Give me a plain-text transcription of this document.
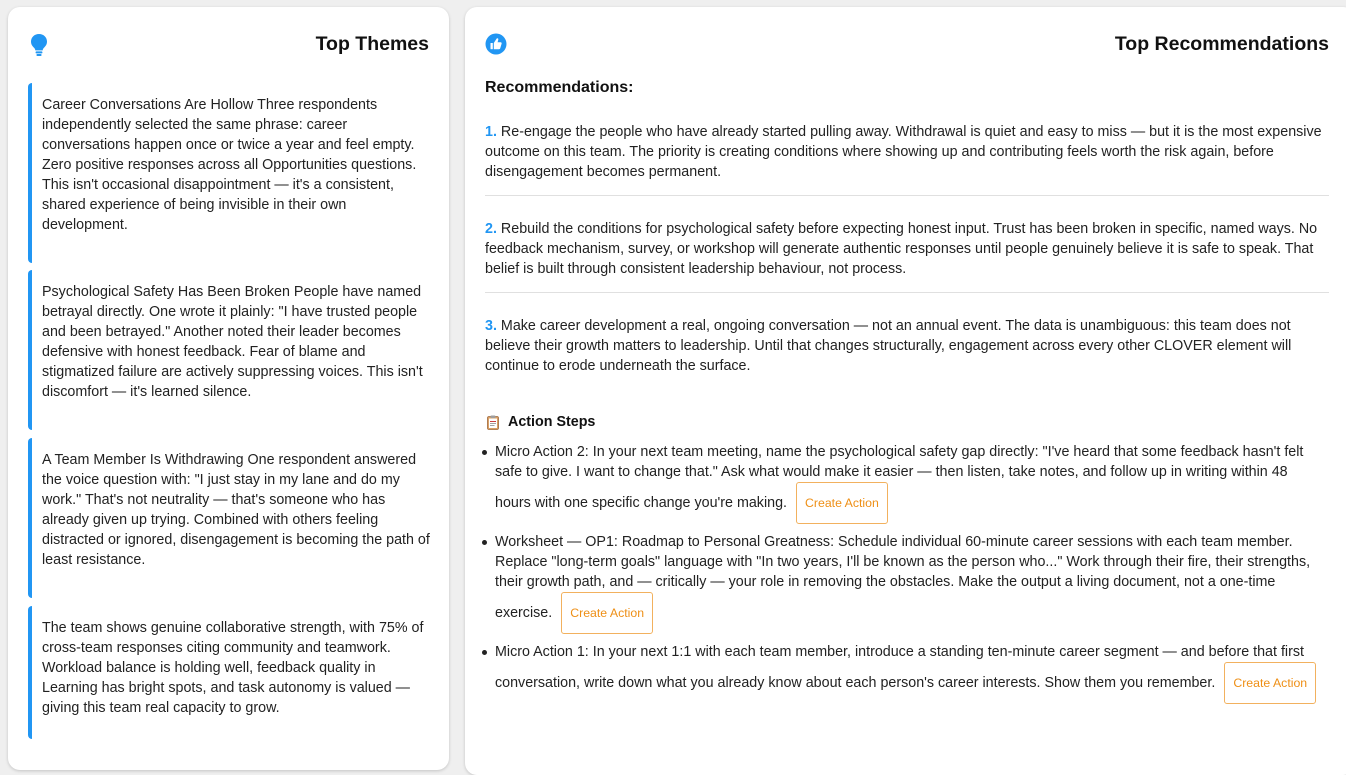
Top Themes
Career Conversations Are Hollow Three respondents independently selected the same phrase: career conversations happen once or twice a year and feel empty. Zero positive responses across all Opportunities questions. This isn't occasional disappointment — it's a consistent, shared experience of being invisible in their own development.
Psychological Safety Has Been Broken People have named betrayal directly. One wrote it plainly: "I have trusted people and been betrayed." Another noted their leader becomes defensive with honest feedback. Fear of blame and stigmatized failure are actively suppressing voices. This isn't discomfort — it's learned silence.
A Team Member Is Withdrawing One respondent answered the voice question with: "I just stay in my lane and do my work." That's not neutrality — that's someone who has already given up trying. Combined with others feeling distracted or ignored, disengagement is becoming the path of least resistance.
The team shows genuine collaborative strength, with 75% of cross-team responses citing community and teamwork. Workload balance is holding well, feedback quality in Learning has bright spots, and task autonomy is valued — giving this team real capacity to grow.
Top Recommendations
Recommendations:
1. Re-engage the people who have already started pulling away. Withdrawal is quiet and easy to miss — but it is the most expensive outcome on this team. The priority is creating conditions where showing up and contributing feels worth the risk again, before disengagement becomes permanent.
2. Rebuild the conditions for psychological safety before expecting honest input. Trust has been broken in specific, named ways. No feedback mechanism, survey, or workshop will generate authentic responses until people genuinely believe it is safe to speak. That belief is built through consistent leadership behaviour, not process.
3. Make career development a real, ongoing conversation — not an annual event. The data is unambiguous: this team does not believe their growth matters to leadership. Until that changes structurally, engagement across every other CLOVER element will continue to erode underneath the surface.
Action Steps
Micro Action 2: In your next team meeting, name the psychological safety gap directly: "I've heard that some feedback hasn't felt
safe to give. I want to change that." Ask what would make it easier — then listen, take notes, and follow up in writing within 48
hours with one specific change you're making.	Create Action
Worksheet — OP1: Roadmap to Personal Greatness: Schedule individual 60-minute career sessions with each team member.
Replace "long-term goals" language with "In two years, I'll be known as the person who..." Work through their fire, their strengths,
their growth path, and — critically — your role in removing the obstacles. Make the output a living document, not a one-time
exercise.	Create Action
Micro Action 1: In your next 1:1 with each team member, introduce a standing ten-minute career segment — and before that first
conversation, write down what you already know about each person's career interests. Show them you remember.	Create Action
